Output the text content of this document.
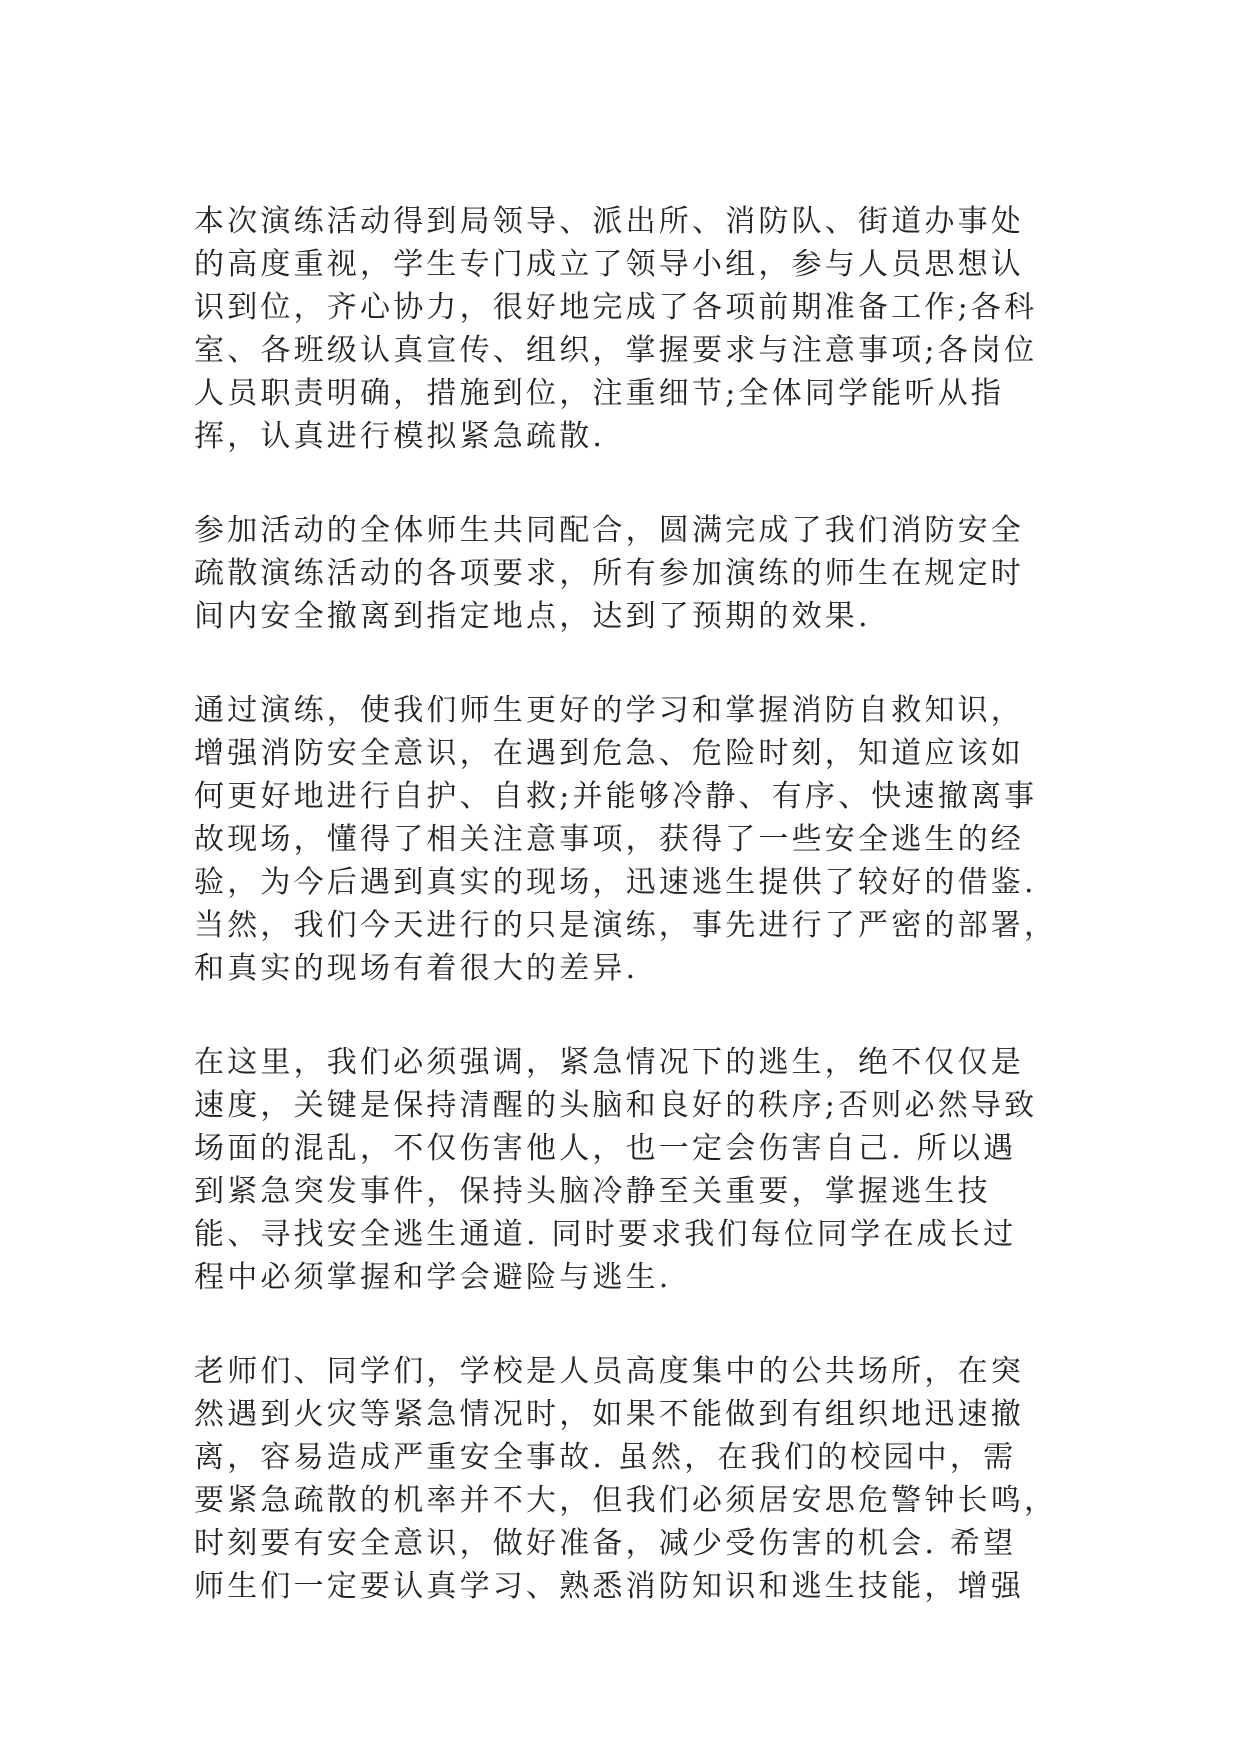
本次演练活动得到局领导、派出所、消防队、街道办事处
的高度重视，学生专门成立了领导小组，参与人员思想认
识到位，齐心协力，很好地完成了各项前期准备工作;各科
室、各班级认真宣传、组织，掌握要求与注意事项;各岗位
人员职责明确，措施到位，注重细节;全体同学能听从指
挥，认真进行模拟紧急疏散.

参加活动的全体师生共同配合，圆满完成了我们消防安全
疏散演练活动的各项要求，所有参加演练的师生在规定时
间内安全撤离到指定地点，达到了预期的效果.

通过演练，使我们师生更好的学习和掌握消防自救知识，
增强消防安全意识，在遇到危急、危险时刻，知道应该如
何更好地进行自护、自救;并能够冷静、有序、快速撤离事
故现场，懂得了相关注意事项，获得了一些安全逃生的经
验，为今后遇到真实的现场，迅速逃生提供了较好的借鉴.
当然，我们今天进行的只是演练，事先进行了严密的部署，
和真实的现场有着很大的差异.

在这里，我们必须强调，紧急情况下的逃生，绝不仅仅是
速度，关键是保持清醒的头脑和良好的秩序;否则必然导致
场面的混乱，不仅伤害他人，也一定会伤害自己. 所以遇
到紧急突发事件，保持头脑冷静至关重要，掌握逃生技
能、寻找安全逃生通道. 同时要求我们每位同学在成长过
程中必须掌握和学会避险与逃生.

老师们、同学们，学校是人员高度集中的公共场所，在突
然遇到火灾等紧急情况时，如果不能做到有组织地迅速撤
离，容易造成严重安全事故. 虽然，在我们的校园中，需
要紧急疏散的机率并不大，但我们必须居安思危警钟长鸣，
时刻要有安全意识，做好准备，减少受伤害的机会. 希望
师生们一定要认真学习、熟悉消防知识和逃生技能，增强
